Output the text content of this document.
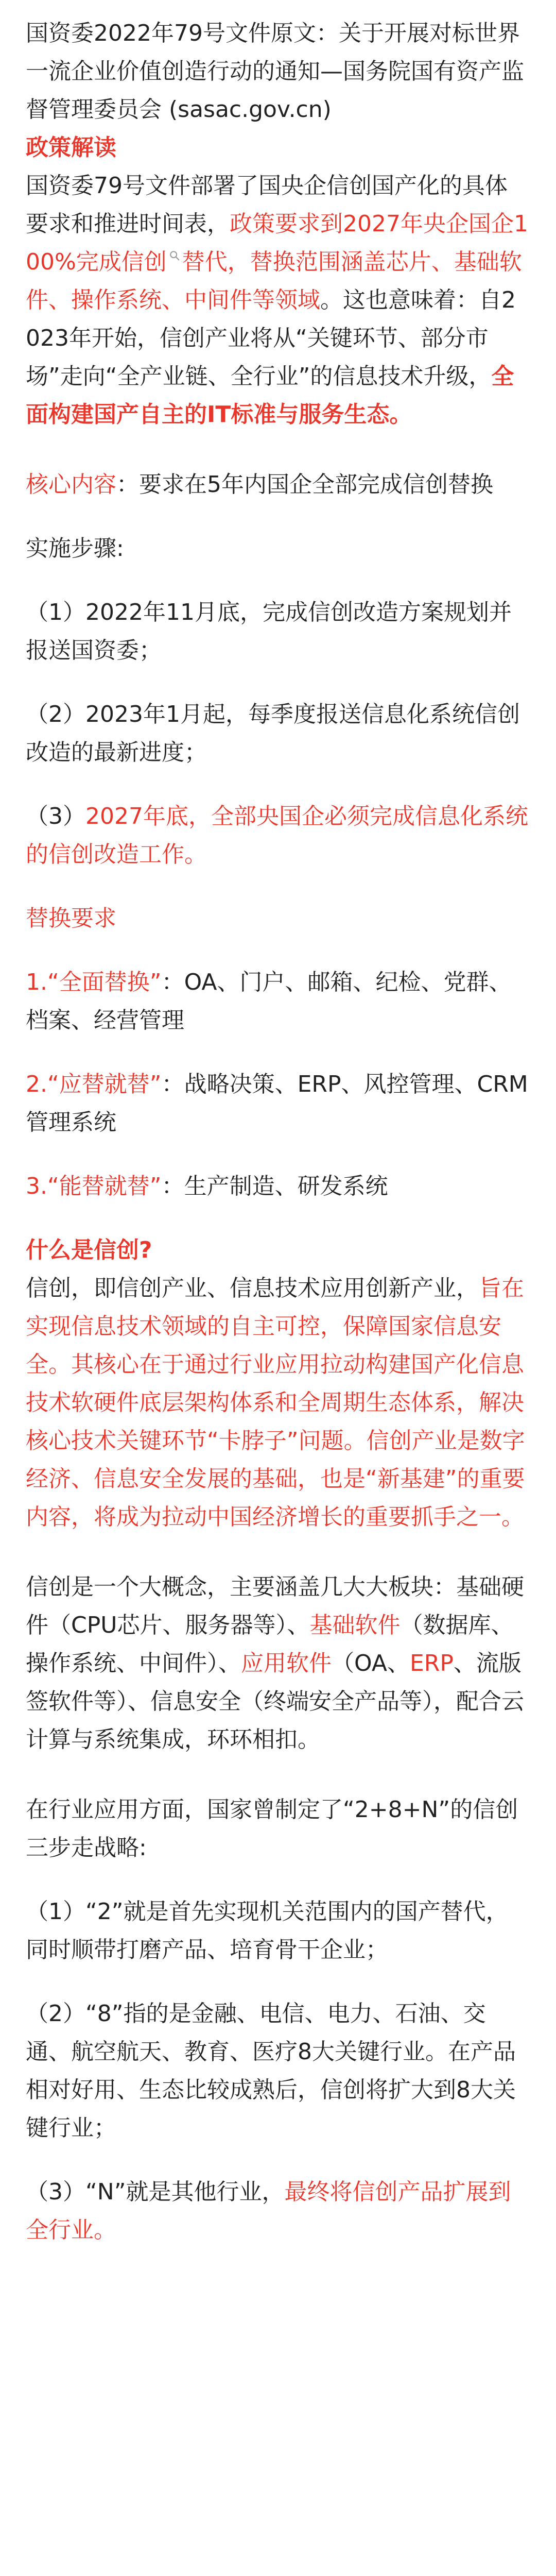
国资委2022年79号文件原文：关于开展对标世界一流企业价值创造行动的通知—国务院国有资产监督管理委员会 (sasac.gov.cn)

政策解读

国资委79号文件部署了国央企信创国产化的具体要求和推进时间表，政策要求到2027年央企国企100%完成信创 替代，替换范围涵盖芯片、基础软件、操作系统、中间件等领域。这也意味着：自2023年开始，信创产业将从“关键环节、部分市场”走向“全产业链、全行业”的信息技术升级，全面构建国产自主的IT标准与服务生态。

核心内容：要求在5年内国企全部完成信创替换

实施步骤:

（1）2022年11月底，完成信创改造方案规划并报送国资委；

（2）2023年1月起，每季度报送信息化系统信创改造的最新进度；

（3）2027年底，全部央国企必须完成信息化系统的信创改造工作。

替换要求

1.“全面替换”：OA、门户、邮箱、纪检、党群、档案、经营管理

2.“应替就替”：战略决策、ERP、风控管理、CRM管理系统

3.“能替就替”：生产制造、研发系统

什么是信创?

信创，即信创产业、信息技术应用创新产业，旨在实现信息技术领域的自主可控，保障国家信息安全。其核心在于通过行业应用拉动构建国产化信息技术软硬件底层架构体系和全周期生态体系，解决核心技术关键环节“卡脖子”问题。信创产业是数字经济、信息安全发展的基础，也是“新基建”的重要内容，将成为拉动中国经济增长的重要抓手之一。

信创是一个大概念，主要涵盖几大大板块：基础硬件（CPU芯片、服务器等）、基础软件（数据库、操作系统、中间件）、应用软件（OA、ERP、流版签软件等）、信息安全（终端安全产品等），配合云计算与系统集成，环环相扣。

在行业应用方面，国家曾制定了“2+8+N”的信创三步走战略:

（1）“2”就是首先实现机关范围内的国产替代，同时顺带打磨产品、培育骨干企业；

（2）“8”指的是金融、电信、电力、石油、交通、航空航天、教育、医疗8大关键行业。在产品相对好用、生态比较成熟后，信创将扩大到8大关键行业；

（3）“N”就是其他行业，最终将信创产品扩展到全行业。
